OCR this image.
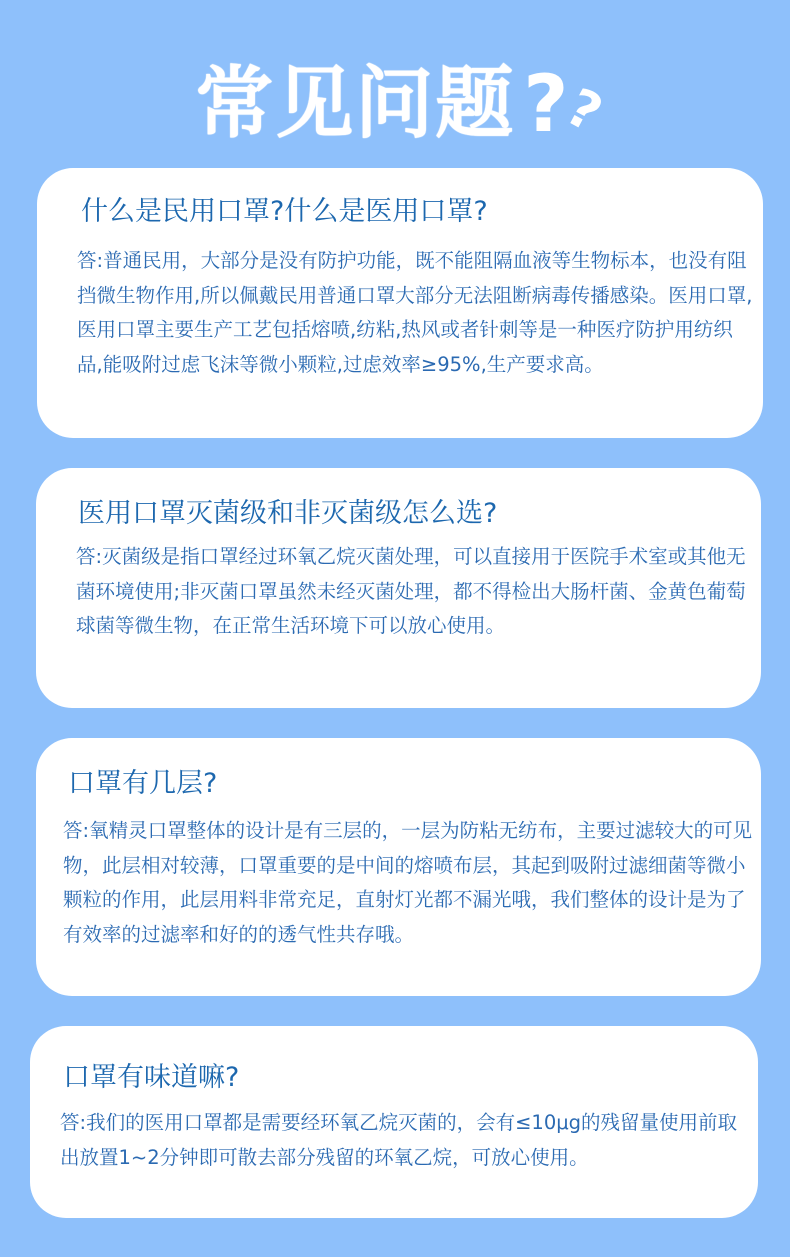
常见问题 ?
?
什么是民用口罩?什么是医用口罩?
答:普通民用，大部分是没有防护功能，既不能阻隔血液等生物标本，也没有阻挡微生物作用,所以佩戴民用普通口罩大部分无法阻断病毒传播感染。医用口罩,医用口罩主要生产工艺包括熔喷,纺粘,热风或者针刺等是一种医疗防护用纺织品,能吸附过虑飞沫等微小颗粒,过虑效率≥95%,生产要求高。
医用口罩灭菌级和非灭菌级怎么选?
答:灭菌级是指口罩经过环氧乙烷灭菌处理，可以直接用于医院手术室或其他无菌环境使用;非灭菌口罩虽然未经灭菌处理，都不得检出大肠杆菌、金黄色葡萄球菌等微生物，在正常生活环境下可以放心使用。
口罩有几层?
答:氧精灵口罩整体的设计是有三层的，一层为防粘无纺布，主要过滤较大的可见物，此层相对较薄，口罩重要的是中间的熔喷布层，其起到吸附过滤细菌等微小颗粒的作用，此层用料非常充足，直射灯光都不漏光哦，我们整体的设计是为了有效率的过滤率和好的的透气性共存哦。
口罩有味道嘛?
答:我们的医用口罩都是需要经环氧乙烷灭菌的，会有≤10μg的残留量使用前取出放置1~2分钟即可散去部分残留的环氧乙烷，可放心使用。
